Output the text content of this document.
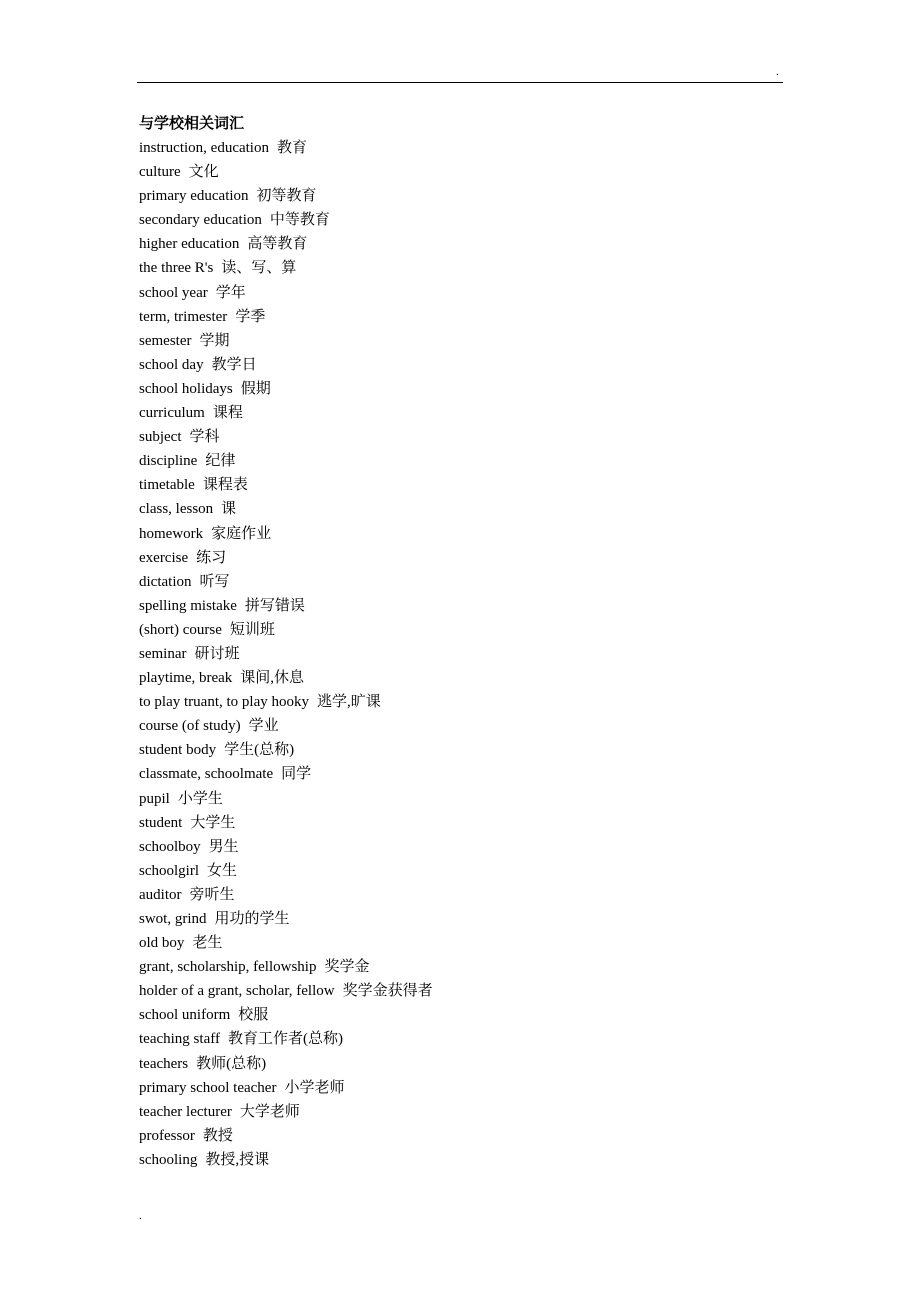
.
与学校相关词汇
instruction, education 教育
culture 文化
primary education 初等教育
secondary education 中等教育
higher education 高等教育
the three R's 读、写、算
school year 学年
term, trimester 学季
semester 学期
school day 教学日
school holidays 假期
curriculum 课程
subject 学科
discipline 纪律
timetable 课程表
class, lesson 课
homework 家庭作业
exercise 练习
dictation 听写
spelling mistake 拼写错误
(short) course 短训班
seminar 研讨班
playtime, break 课间,休息
to play truant, to play hooky 逃学,旷课
course (of study) 学业
student body 学生(总称)
classmate, schoolmate 同学
pupil 小学生
student 大学生
schoolboy 男生
schoolgirl 女生
auditor 旁听生
swot, grind 用功的学生
old boy 老生
grant, scholarship, fellowship 奖学金
holder of a grant, scholar, fellow 奖学金获得者
school uniform 校服
teaching staff 教育工作者(总称)
teachers 教师(总称)
primary school teacher 小学老师
teacher lecturer 大学老师
professor 教授
schooling 教授,授课
.
